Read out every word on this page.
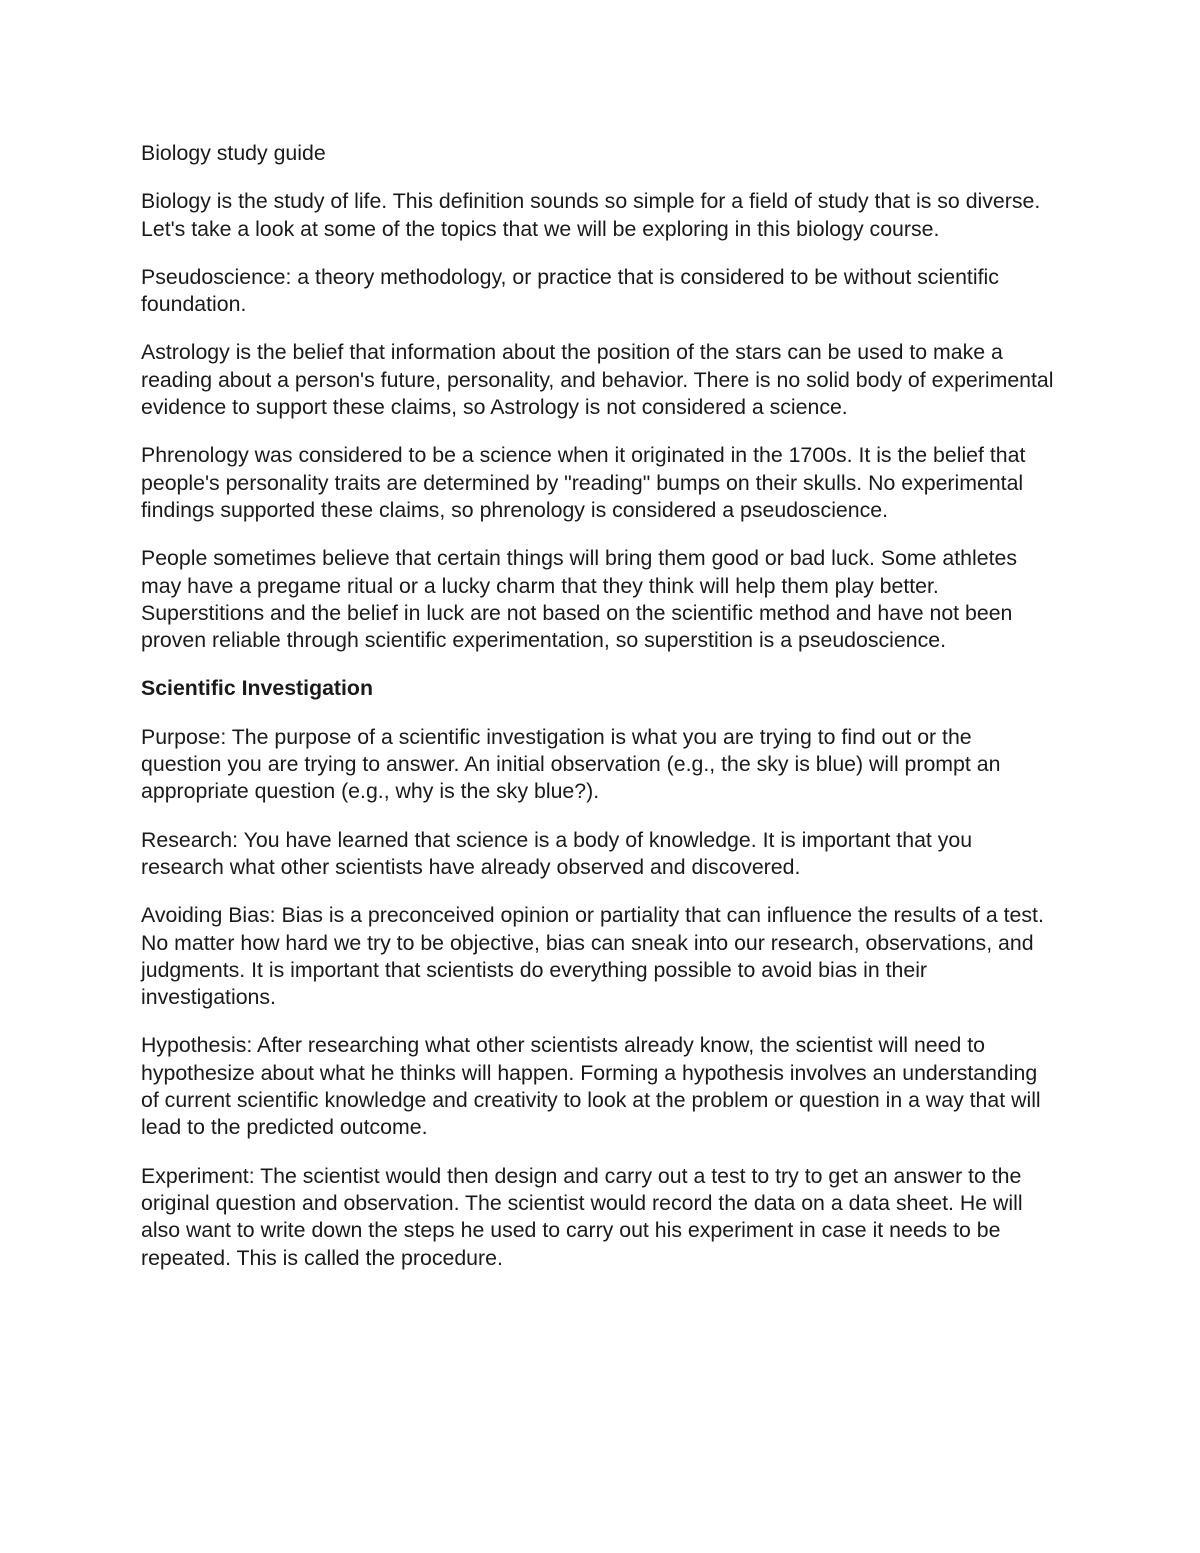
Biology study guide

Biology is the study of life. This definition sounds so simple for a field of study that is so diverse. Let's take a look at some of the topics that we will be exploring in this biology course.

Pseudoscience: a theory methodology, or practice that is considered to be without scientific foundation.

Astrology is the belief that information about the position of the stars can be used to make a reading about a person's future, personality, and behavior. There is no solid body of experimental evidence to support these claims, so Astrology is not considered a science.

Phrenology was considered to be a science when it originated in the 1700s. It is the belief that people's personality traits are determined by "reading" bumps on their skulls. No experimental findings supported these claims, so phrenology is considered a pseudoscience.

People sometimes believe that certain things will bring them good or bad luck. Some athletes may have a pregame ritual or a lucky charm that they think will help them play better. Superstitions and the belief in luck are not based on the scientific method and have not been proven reliable through scientific experimentation, so superstition is a pseudoscience.

Scientific Investigation

Purpose: The purpose of a scientific investigation is what you are trying to find out or the question you are trying to answer. An initial observation (e.g., the sky is blue) will prompt an appropriate question (e.g., why is the sky blue?).

Research: You have learned that science is a body of knowledge. It is important that you research what other scientists have already observed and discovered.

Avoiding Bias: Bias is a preconceived opinion or partiality that can influence the results of a test. No matter how hard we try to be objective, bias can sneak into our research, observations, and judgments. It is important that scientists do everything possible to avoid bias in their investigations.

Hypothesis: After researching what other scientists already know, the scientist will need to hypothesize about what he thinks will happen. Forming a hypothesis involves an understanding of current scientific knowledge and creativity to look at the problem or question in a way that will lead to the predicted outcome.

Experiment: The scientist would then design and carry out a test to try to get an answer to the original question and observation. The scientist would record the data on a data sheet. He will also want to write down the steps he used to carry out his experiment in case it needs to be repeated. This is called the procedure.
